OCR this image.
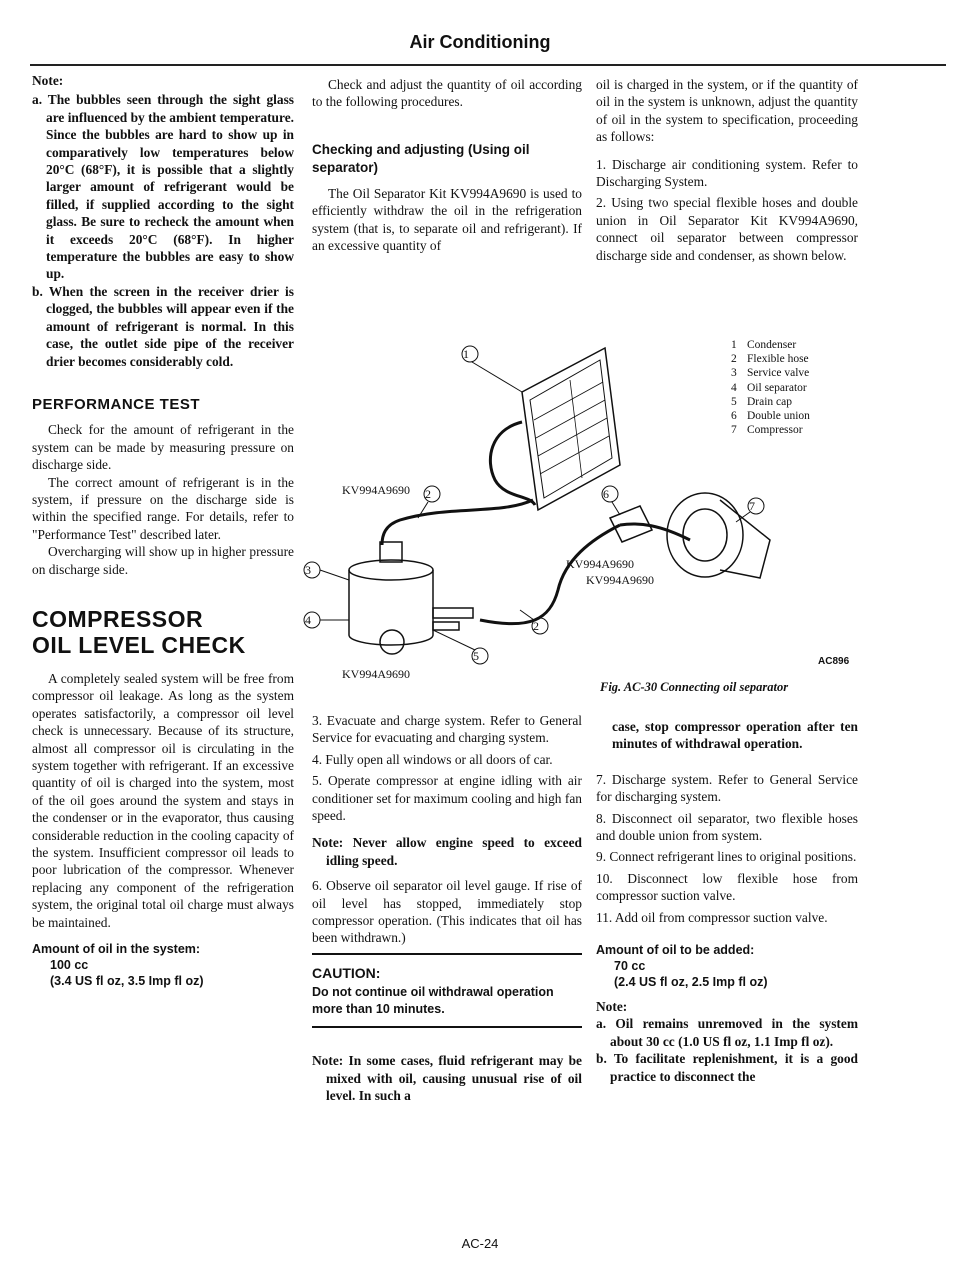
Air Conditioning
Note:

a. The bubbles seen through the sight glass are influenced by the ambient temperature. Since the bubbles are hard to show up in comparatively low temperatures below 20°C (68°F), it is possible that a slightly larger amount of refrigerant would be filled, if supplied according to the sight glass. Be sure to recheck the amount when it exceeds 20°C (68°F). In higher temperature the bubbles are easy to show up.

b. When the screen in the receiver drier is clogged, the bubbles will appear even if the amount of refrigerant is normal. In this case, the outlet side pipe of the receiver drier becomes considerably cold.

PERFORMANCE TEST

Check for the amount of refrigerant in the system can be made by measuring pressure on discharge side.

The correct amount of refrigerant is in the system, if pressure on the discharge side is within the specified range. For details, refer to "Performance Test" described later.

Overcharging will show up in higher pressure on discharge side.

COMPRESSOR
OIL LEVEL CHECK

A completely sealed system will be free from compressor oil leakage. As long as the system operates satisfactorily, a compressor oil level check is unnecessary. Because of its structure, almost all compressor oil is circulating in the system together with refrigerant. If an excessive quantity of oil is charged into the system, most of the oil goes around the system and stays in the condenser or in the evaporator, thus causing considerable reduction in the cooling capacity of the system. Insufficient compressor oil leads to poor lubrication of the compressor. Whenever replacing any component of the refrigeration system, the original total oil charge must always be maintained.

Amount of oil in the system:
100 cc
(3.4 US fl oz, 3.5 Imp fl oz)

Check and adjust the quantity of oil according to the following procedures.

Checking and adjusting (Using oil separator)

The Oil Separator Kit KV994A9690 is used to efficiently withdraw the oil in the refrigeration system (that is, to separate oil and refrigerant). If an excessive quantity of

oil is charged in the system, or if the quantity of oil in the system is unknown, adjust the quantity of oil in the system to specification, proceeding as follows:

1. Discharge air conditioning system. Refer to Discharging System.

2. Using two special flexible hoses and double union in Oil Separator Kit KV994A9690, connect oil separator between compressor discharge side and condenser, as shown below.

1
2
2
3
4
5
6
7
KV994A9690
KV994A9690
KV994A9690
KV994A9690
1 Condenser
2 Flexible hose
3 Service valve
4 Oil separator
5 Drain cap
6 Double union
7 Compressor
AC896
Fig. AC-30 Connecting oil separator

3. Evacuate and charge system. Refer to General Service for evacuating and charging system.

4. Fully open all windows or all doors of car.

5. Operate compressor at engine idling with air conditioner set for maximum cooling and high fan speed.

Note: Never allow engine speed to exceed idling speed.

6. Observe oil separator oil level gauge. If rise of oil level has stopped, immediately stop compressor operation. (This indicates that oil has been withdrawn.)

CAUTION:
Do not continue oil withdrawal operation more than 10 minutes.

Note: In some cases, fluid refrigerant may be mixed with oil, causing unusual rise of oil level. In such a

case, stop compressor operation after ten minutes of withdrawal operation.

7. Discharge system. Refer to General Service for discharging system.

8. Disconnect oil separator, two flexible hoses and double union from system.

9. Connect refrigerant lines to original positions.

10. Disconnect low flexible hose from compressor suction valve.

11. Add oil from compressor suction valve.

Amount of oil to be added:
70 cc
(2.4 US fl oz, 2.5 Imp fl oz)
Note:

a. Oil remains unremoved in the system about 30 cc (1.0 US fl oz, 1.1 Imp fl oz).

b. To facilitate replenishment, it is a good practice to disconnect the

AC-24
